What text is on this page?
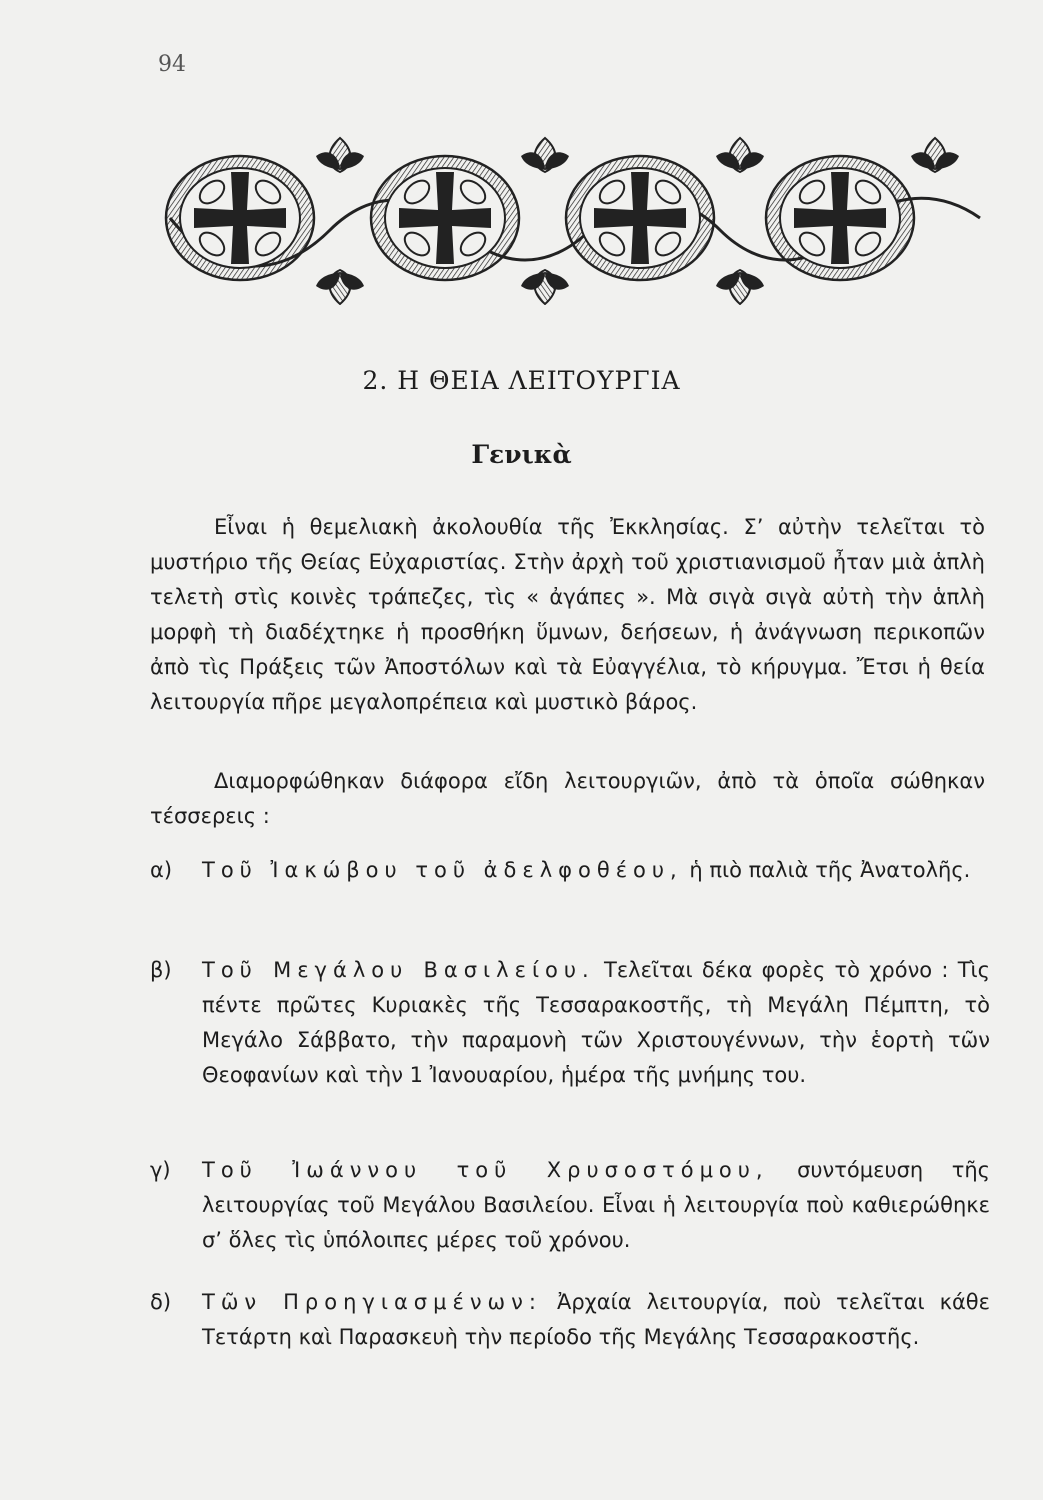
94
2. Η ΘΕΙΑ ΛΕΙΤΟΥΡΓΙΑ
Γενικὰ
Εἶναι ἡ θεμελιακὴ ἀκολουθία τῆς Ἐκκλησίας. Σ’ αὐτὴν τελεῖται τὸ μυστήριο τῆς Θείας Εὐχαριστίας. Στὴν ἀρχὴ τοῦ χριστιανισμοῦ ἦταν μιὰ ἁπλὴ τελετὴ στὶς κοινὲς τράπεζες, τὶς « ἀγάπες ». Μὰ σιγὰ σιγὰ αὐτὴ τὴν ἁπλὴ μορφὴ τὴ διαδέχτηκε ἡ προσθήκη ὕμνων, δεήσεων, ἡ ἀνάγνωση περικοπῶν ἀπὸ τὶς Πράξεις τῶν Ἀποστόλων καὶ τὰ Εὐαγγέλια, τὸ κήρυγμα. Ἔτσι ἡ θεία λειτουργία πῆρε μεγαλοπρέπεια καὶ μυστικὸ βάρος.
Διαμορφώθηκαν διάφορα εἴδη λειτουργιῶν, ἀπὸ τὰ ὁποῖα σώθηκαν τέσσερεις :
α) Τοῦ Ἰακώβου τοῦ ἀδελφοθέου, ἡ πιὸ παλιὰ τῆς Ἀνατολῆς.
β) Τοῦ Μεγάλου Βασιλείου. Τελεῖται δέκα φορὲς τὸ χρόνο : Τὶς πέντε πρῶτες Κυριακὲς τῆς Τεσσαρακοστῆς, τὴ Μεγάλη Πέμπτη, τὸ Μεγάλο Σάββατο, τὴν παραμονὴ τῶν Χριστουγέννων, τὴν ἑορτὴ τῶν Θεοφανίων καὶ τὴν 1 Ἰανουαρίου, ἡμέρα τῆς μνήμης του.
γ) Τοῦ Ἰωάννου τοῦ Χρυσοστόμου, συντόμευση τῆς λειτουργίας τοῦ Μεγάλου Βασιλείου. Εἶναι ἡ λειτουργία ποὺ καθιερώθηκε σ’ ὅλες τὶς ὑπόλοιπες μέρες τοῦ χρόνου.
δ) Τῶν Προηγιασμένων: Ἀρχαία λειτουργία, ποὺ τελεῖται κάθε Τετάρτη καὶ Παρασκευὴ τὴν περίοδο τῆς Μεγάλης Τεσσαρακοστῆς.
